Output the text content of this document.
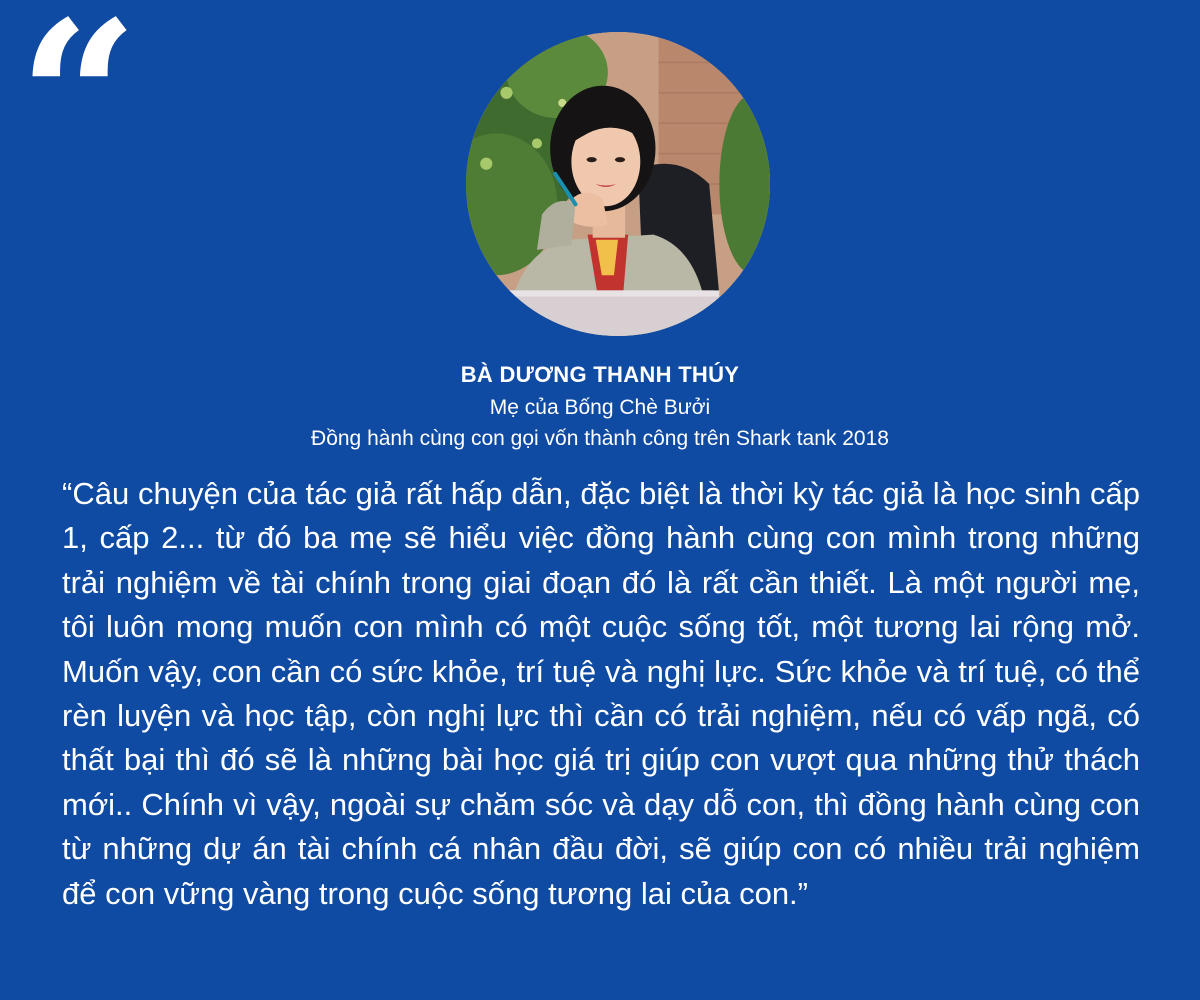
“
BÀ DƯƠNG THANH THÚY
Mẹ của Bống Chè Bưởi
Đồng hành cùng con gọi vốn thành công trên Shark tank 2018
“Câu chuyện của tác giả rất hấp dẫn, đặc biệt là thời kỳ tác giả là học sinh cấp 1, cấp 2... từ đó ba mẹ sẽ hiểu việc đồng hành cùng con mình trong những trải nghiệm về tài chính trong giai đoạn đó là rất cần thiết. Là một người mẹ, tôi luôn mong muốn con mình có một cuộc sống tốt, một tương lai rộng mở. Muốn vậy, con cần có sức khỏe, trí tuệ và nghị lực. Sức khỏe và trí tuệ, có thể rèn luyện và học tập, còn nghị lực thì cần có trải nghiệm, nếu có vấp ngã, có thất bại thì đó sẽ là những bài học giá trị giúp con vượt qua những thử thách mới.. Chính vì vậy, ngoài sự chăm sóc và dạy dỗ con, thì đồng hành cùng con từ những dự án tài chính cá nhân đầu đời, sẽ giúp con có nhiều trải nghiệm để con vững vàng trong cuộc sống tương lai của con.”
